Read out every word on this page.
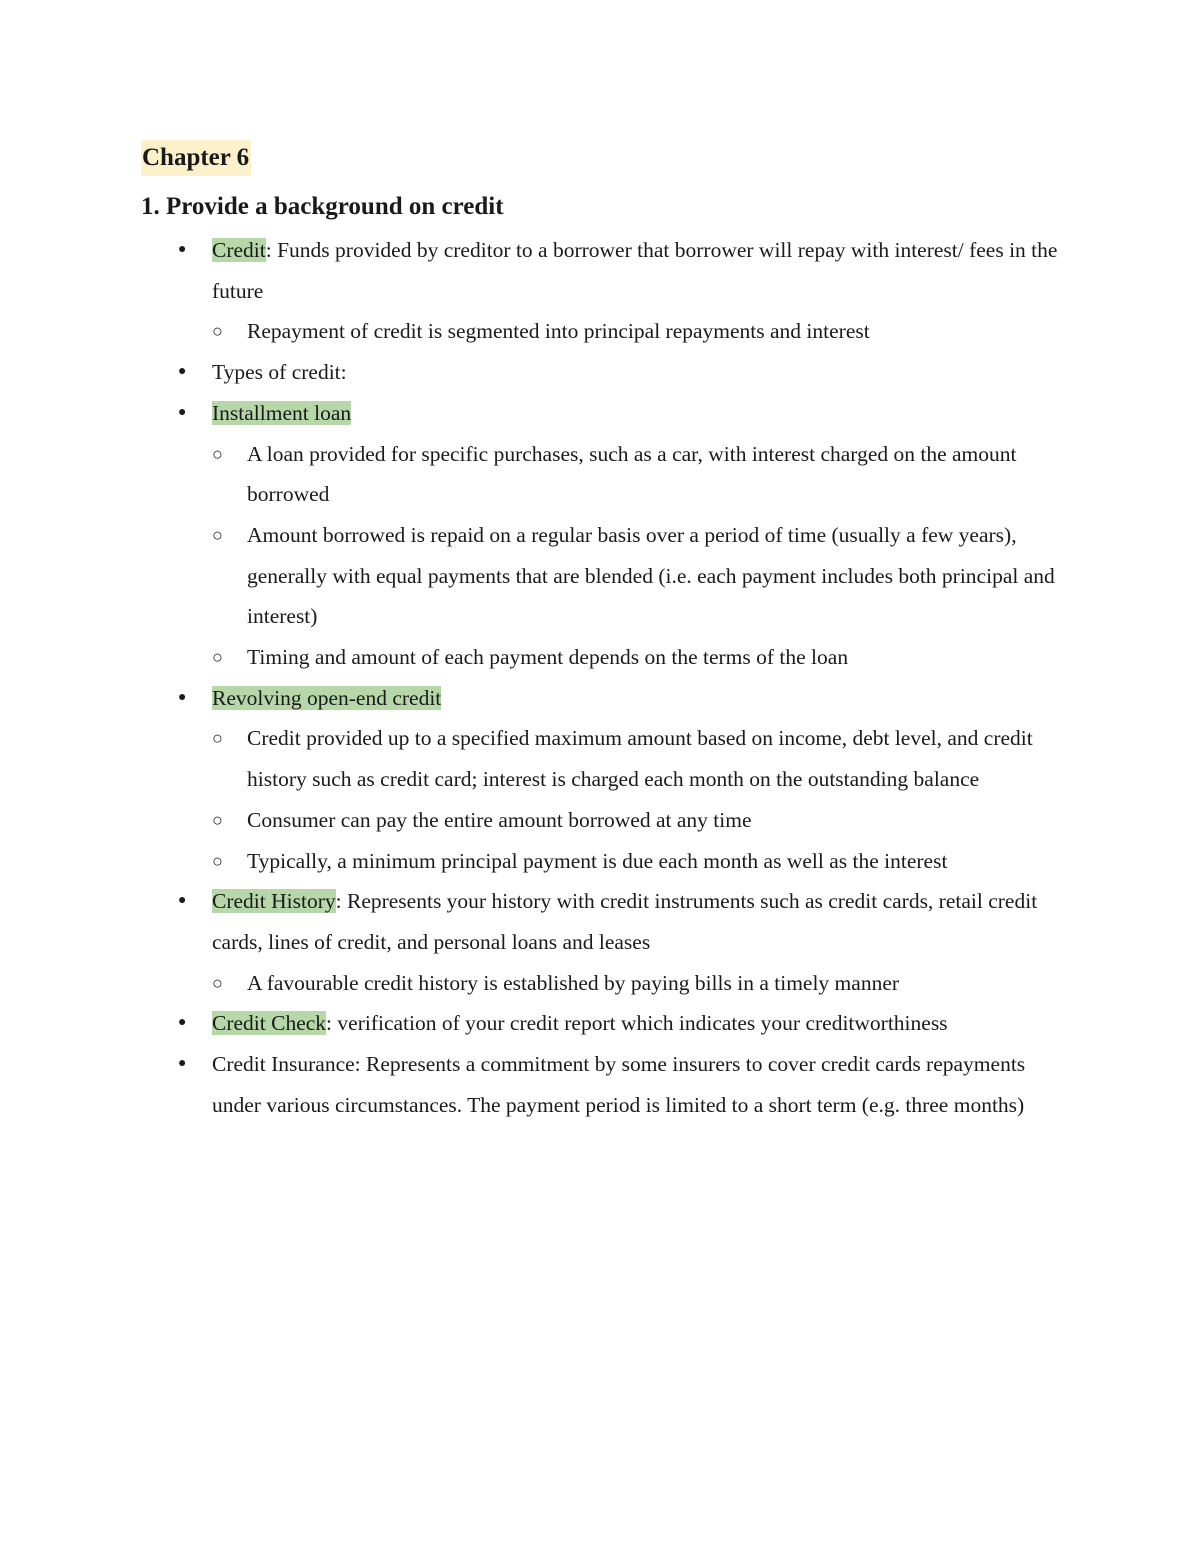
Chapter 6
1. Provide a background on credit
● Credit: Funds provided by creditor to a borrower that borrower will repay with interest/ fees in the future
○ Repayment of credit is segmented into principal repayments and interest
● Types of credit:
● Installment loan
○ A loan provided for specific purchases, such as a car, with interest charged on the amount borrowed
○ Amount borrowed is repaid on a regular basis over a period of time (usually a few years), generally with equal payments that are blended (i.e. each payment includes both principal and interest)
○ Timing and amount of each payment depends on the terms of the loan
● Revolving open-end credit
○ Credit provided up to a specified maximum amount based on income, debt level, and credit history such as credit card; interest is charged each month on the outstanding balance
○ Consumer can pay the entire amount borrowed at any time
○ Typically, a minimum principal payment is due each month as well as the interest
● Credit History: Represents your history with credit instruments such as credit cards, retail credit cards, lines of credit, and personal loans and leases
○ A favourable credit history is established by paying bills in a timely manner
● Credit Check: verification of your credit report which indicates your creditworthiness
● Credit Insurance: Represents a commitment by some insurers to cover credit cards repayments under various circumstances. The payment period is limited to a short term (e.g. three months)
